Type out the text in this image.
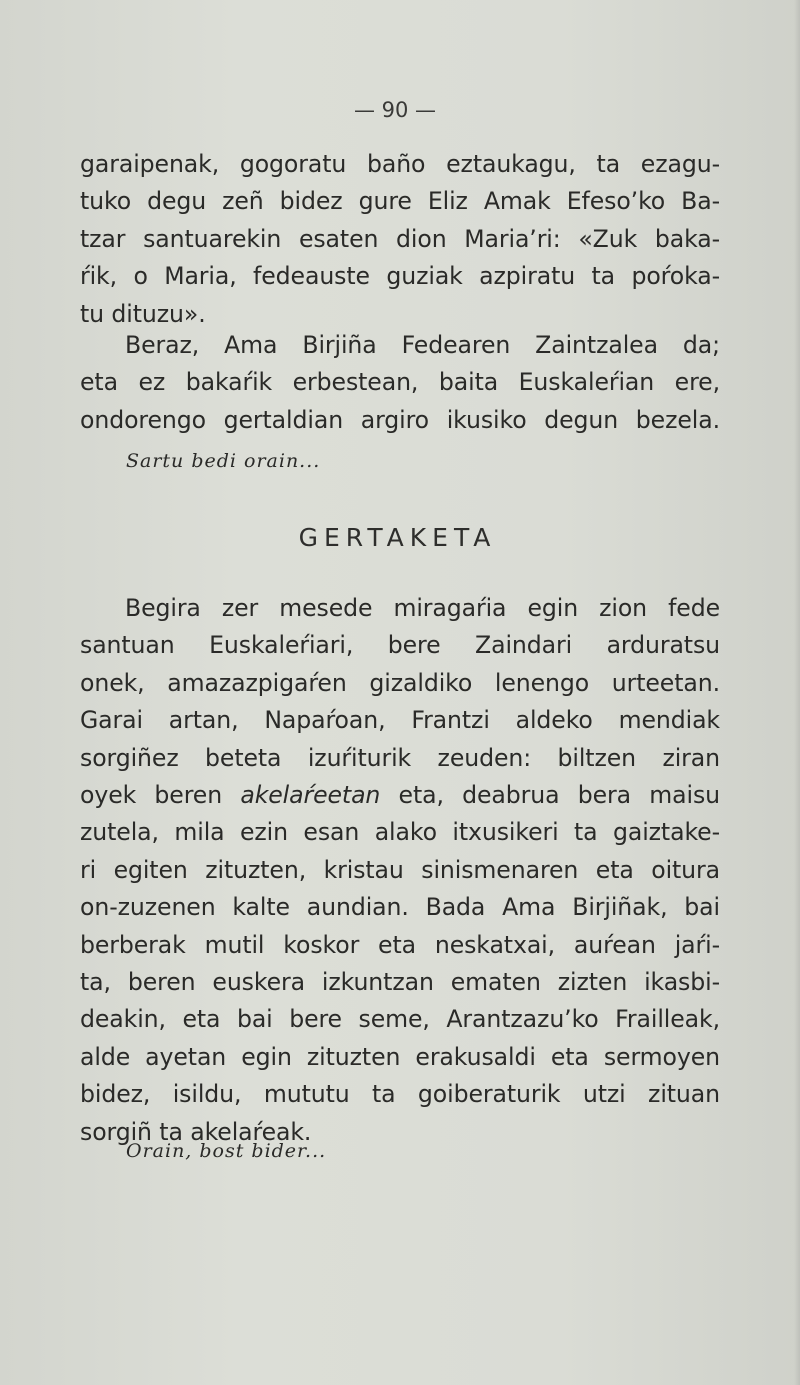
— 90 —
garaipenak, gogoratu baño eztaukagu, ta ezagu-
tuko degu zeñ bidez gure Eliz Amak Efeso’ko Ba-
tzar santuarekin esaten dion Maria’ri: «Zuk baka-
ŕik, o Maria, fedeauste guziak azpiratu ta poŕoka-
tu dituzu».
Beraz, Ama Birjiña Fedearen Zaintzalea da;
eta ez bakaŕik erbestean, baita Euskaleŕian ere,
ondorengo gertaldian argiro ikusiko degun bezela.
Sartu bedi orain...
GERTAKETA
Begira zer mesede miragaŕia egin zion fede
santuan Euskaleŕiari, bere Zaindari arduratsu
onek, amazazpigaŕen gizaldiko lenengo urteetan.
Garai artan, Napaŕoan, Frantzi aldeko mendiak
sorgiñez beteta izuŕiturik zeuden: biltzen ziran
oyek beren akelaŕeetan eta, deabrua bera maisu
zutela, mila ezin esan alako itxusikeri ta gaiztake-
ri egiten zituzten, kristau sinismenaren eta oitura
on-zuzenen kalte aundian. Bada Ama Birjiñak, bai
berberak mutil koskor eta neskatxai, auŕean jaŕi-
ta, beren euskera izkuntzan ematen zizten ikasbi-
deakin, eta bai bere seme, Arantzazu’ko Frailleak,
alde ayetan egin zituzten erakusaldi eta sermoyen
bidez, isildu, mututu ta goiberaturik utzi zituan
sorgiñ ta akelaŕeak.
Orain, bost bider...
